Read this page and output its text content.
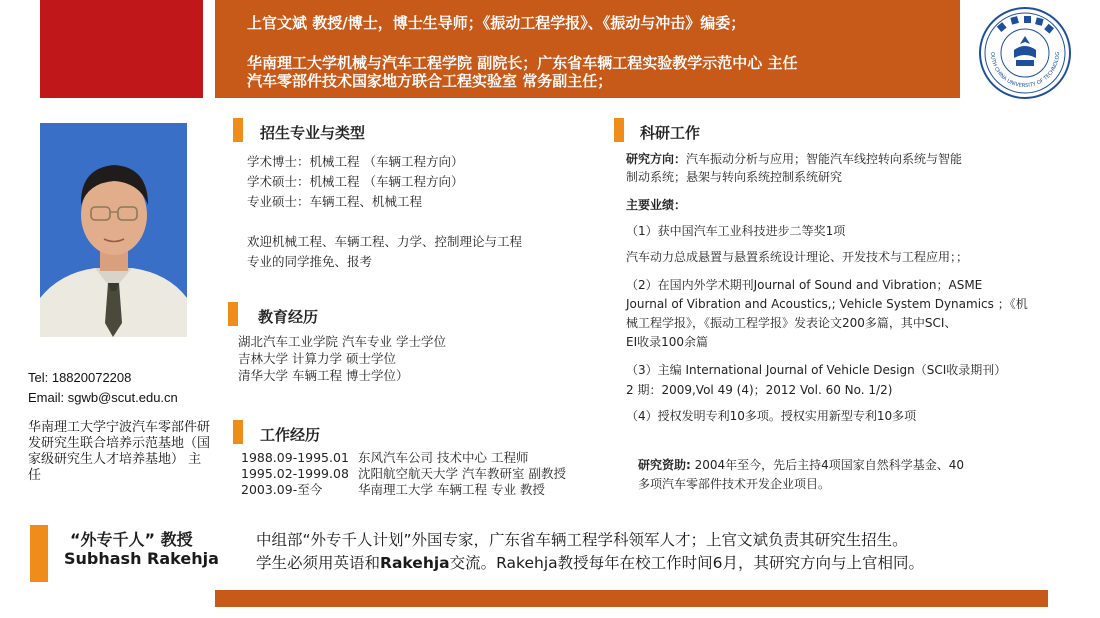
上官文斌 教授/博士，博士生导师；《振动工程学报》、《振动与冲击》编委；
华南理工大学机械与汽车工程学院 副院长；广东省车辆工程实验教学示范中心 主任
汽车零部件技术国家地方联合工程实验室 常务副主任；
OUTH CHINA UNIVERSITY OF TECHNOLOG
Tel: 18820072208
Email: sgwb@scut.edu.cn
华南理工大学宁波汽车零部件研发研究生联合培养示范基地（国家级研究生人才培养基地） 主任
招生专业与类型
学术博士：机械工程 （车辆工程方向）
学术硕士：机械工程 （车辆工程方向）
专业硕士：车辆工程、机械工程
欢迎机械工程、车辆工程、力学、控制理论与工程
专业的同学推免、报考
教育经历
湖北汽车工业学院 汽车专业 学士学位
吉林大学 计算力学 硕士学位
清华大学 车辆工程 博士学位）
工作经历
1988.09-1995.01 东风汽车公司 技术中心 工程师
1995.02-1999.08 沈阳航空航天大学 汽车教研室 副教授
2003.09-至今	华南理工大学 车辆工程 专业 教授
科研工作
研究方向：汽车振动分析与应用；智能汽车线控转向系统与智能
制动系统；悬架与转向系统控制系统研究
主要业绩：
（1）获中国汽车工业科技进步二等奖1项
汽车动力总成悬置与悬置系统设计理论、开发技术与工程应用；；
（2）在国内外学术期刊Journal of Sound and Vibration；ASME
Journal of Vibration and Acoustics,; Vehicle System Dynamics ；《机
械工程学报》，《振动工程学报》发表论文200多篇，其中SCI、
EI收录100余篇
（3）主编 International Journal of Vehicle Design（SCI收录期刊）
2 期：2009,Vol 49 (4)；2012 Vol. 60 No. 1/2)
（4）授权发明专利10多项。授权实用新型专利10多项
研究资助: 2004年至今，先后主持4项国家自然科学基金、40
多项汽车零部件技术开发企业项目。
“外专千人” 教授
Subhash Rakehja
中组部“外专千人计划”外国专家，广东省车辆工程学科领军人才；上官文斌负责其研究生招生。
学生必须用英语和Rakehja交流。Rakehja教授每年在校工作时间6月，其研究方向与上官相同。
